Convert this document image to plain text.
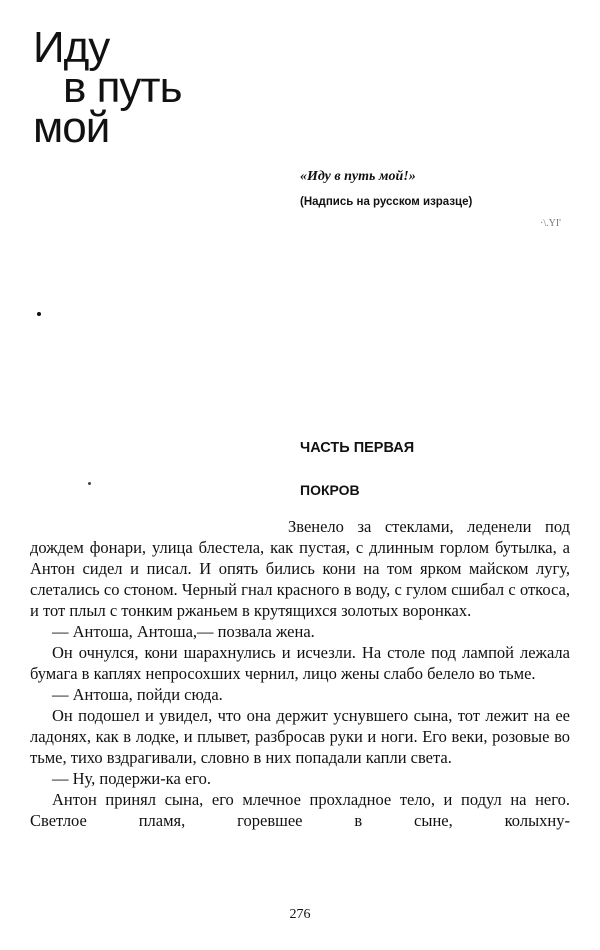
Иду
в путь
мой
«Иду в путь мой!»
(Надпись на русском изразце)
·\.ΥΙ'
ЧАСТЬ ПЕРВАЯ
ПОКРОВ

Звенело за стеклами, леденели под дождем фонари, улица блестела, как пустая, с длинным горлом бутылка, а Антон сидел и писал. И опять бились кони на том ярком майском лугу, слетались со стоном. Черный гнал красного в воду, с гулом сшибал с откоса, и тот плыл с тонким ржаньем в крутящихся золотых воронках.

— Антоша, Антоша,— позвала жена.

Он очнулся, кони шарахнулись и исчезли. На столе под лампой лежала бумага в каплях непросохших чернил, лицо жены слабо белело во тьме.

— Антоша, пойди сюда.

Он подошел и увидел, что она держит уснувшего сына, тот лежит на ее ладонях, как в лодке, и плывет, разбросав руки и ноги. Его веки, розовые во тьме, тихо вздрагивали, словно в них попадали капли света.

— Ну, подержи-ка его.

Антон принял сына, его млечное прохладное тело, и подул на него. Светлое пламя, горевшее в сыне, колыхну-

276
